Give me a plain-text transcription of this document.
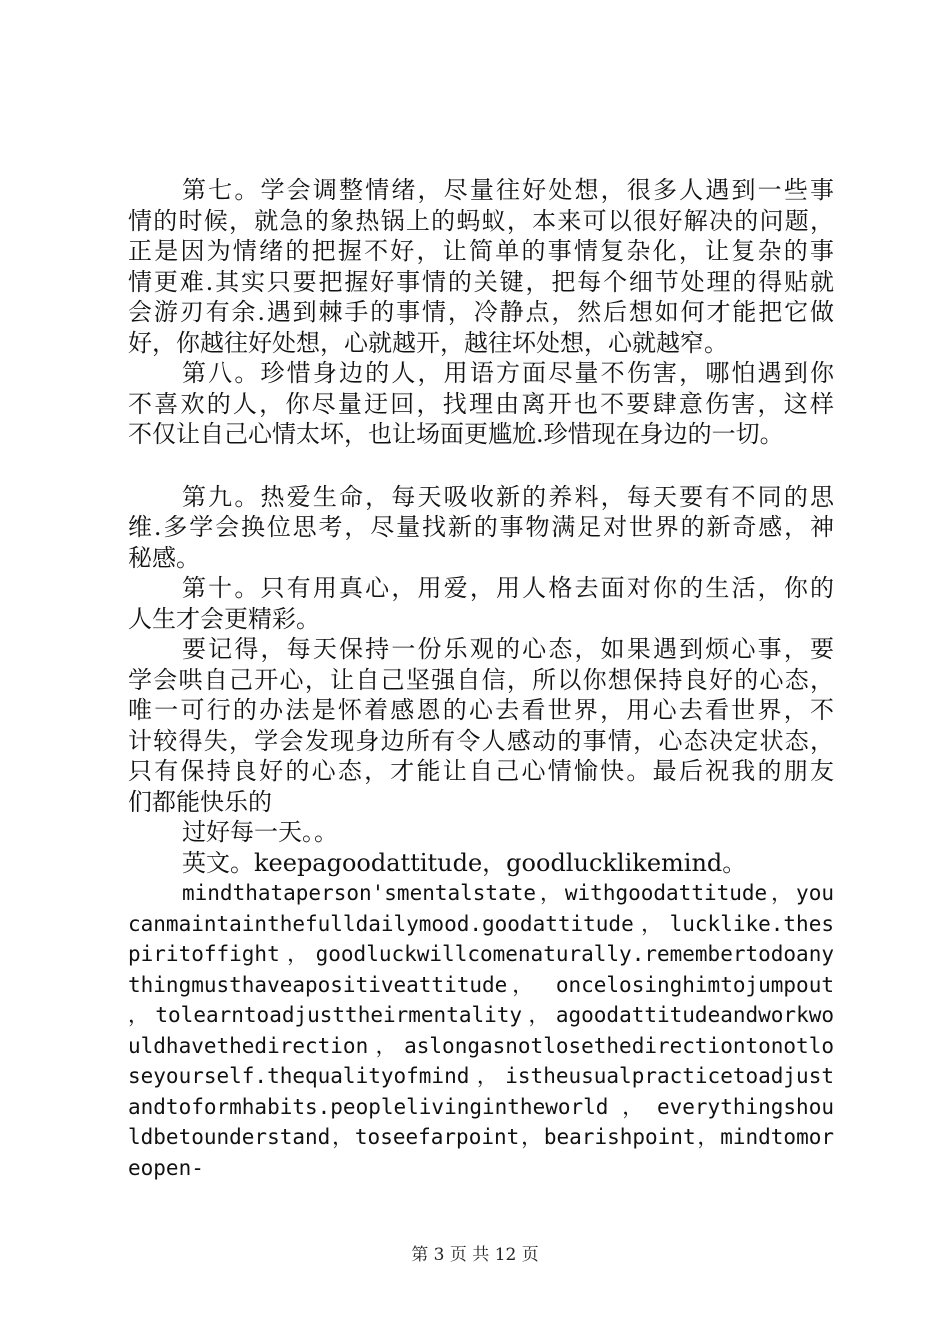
第七。学会调整情绪，尽量往好处想，很多人遇到一些事
情的时候，就急的象热锅上的蚂蚁，本来可以很好解决的问题，
正是因为情绪的把握不好，让简单的事情复杂化，让复杂的事
情更难.其实只要把握好事情的关键，把每个细节处理的得贴就
会游刃有余.遇到棘手的事情，冷静点，然后想如何才能把它做
好，你越往好处想，心就越开，越往坏处想，心就越窄。
第八。珍惜身边的人，用语方面尽量不伤害，哪怕遇到你
不喜欢的人，你尽量迂回，找理由离开也不要肆意伤害，这样
不仅让自己心情太坏，也让场面更尴尬.珍惜现在身边的一切。
第九。热爱生命，每天吸收新的养料，每天要有不同的思
维.多学会换位思考，尽量找新的事物满足对世界的新奇感，神
秘感。
第十。只有用真心，用爱，用人格去面对你的生活，你的
人生才会更精彩。
要记得，每天保持一份乐观的心态，如果遇到烦心事，要
学会哄自己开心，让自己坚强自信，所以你想保持良好的心态，
唯一可行的办法是怀着感恩的心去看世界，用心去看世界，不
计较得失，学会发现身边所有令人感动的事情，心态决定状态，
只有保持良好的心态，才能让自己心情愉快。最后祝我的朋友
们都能快乐的
过好每一天。。
英文。keepagoodattitude，goodlucklikemind。
mindthataperson'smentalstate，withgoodattitude，you
canmaintainthefulldailymood.goodattitude，lucklike.thes
piritoffight，goodluckwillcomenaturally.remembertodoany
thingmusthaveapositiveattitude， oncelosinghimtojumpout
，tolearntoadjusttheirmentality，agoodattitudeandworkwo
uldhavethedirection，aslongasnotlosethedirectiontonotlo
seyourself.thequalityofmind，istheusualpracticetoadjust
andtoformhabits.peoplelivingintheworld，everythingshou
ldbetounderstand，toseefarpoint，bearishpoint，mindtomor
eopen-
第 3 页 共 12 页
